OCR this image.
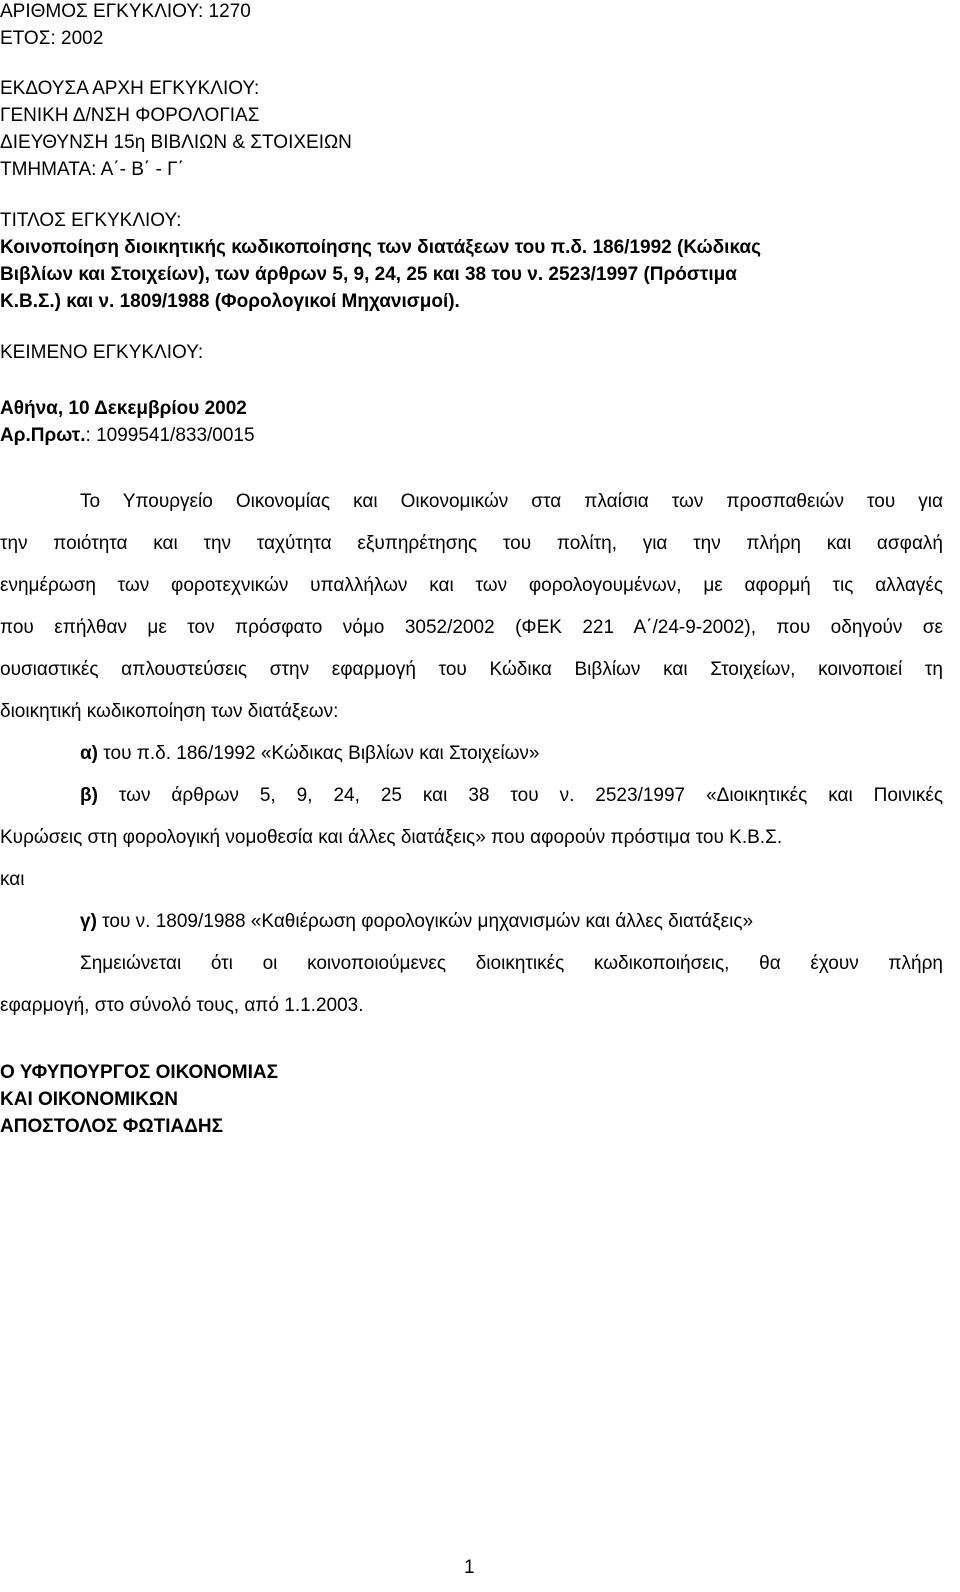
ΑΡΙΘΜΟΣ ΕΓΚΥΚΛΙΟΥ: 1270
ΕΤΟΣ: 2002
ΕΚΔΟΥΣΑ ΑΡΧΗ ΕΓΚΥΚΛΙΟΥ:
ΓΕΝΙΚΗ Δ/ΝΣΗ ΦΟΡΟΛΟΓΙΑΣ
ΔΙΕΥΘΥΝΣΗ 15η ΒΙΒΛΙΩΝ & ΣΤΟΙΧΕΙΩΝ
ΤΜΗΜΑΤΑ: Α΄- Β΄ - Γ΄
ΤΙΤΛΟΣ ΕΓΚΥΚΛΙΟΥ:
Κοινοποίηση διοικητικής κωδικοποίησης των διατάξεων του π.δ. 186/1992 (Κώδικας
Βιβλίων και Στοιχείων), των άρθρων 5, 9, 24, 25 και 38 του ν. 2523/1997 (Πρόστιμα
Κ.Β.Σ.) και ν. 1809/1988 (Φορολογικοί Μηχανισμοί).
ΚΕΙΜΕΝΟ ΕΓΚΥΚΛΙΟΥ:
Αθήνα, 10 Δεκεμβρίου 2002
Αρ.Πρωτ.: 1099541/833/0015
Το Υπουργείο Οικονομίας και Οικονομικών στα πλαίσια των προσπαθειών του για
την ποιότητα και την ταχύτητα εξυπηρέτησης του πολίτη, για την πλήρη και ασφαλή
ενημέρωση των φοροτεχνικών υπαλλήλων και των φορολογουμένων, με αφορμή τις αλλαγές
που επήλθαν με τον πρόσφατο νόμο 3052/2002 (ΦΕΚ 221 Α΄/24-9-2002), που οδηγούν σε
ουσιαστικές απλουστεύσεις στην εφαρμογή του Κώδικα Βιβλίων και Στοιχείων, κοινοποιεί τη
διοικητική κωδικοποίηση των διατάξεων:
α) του π.δ. 186/1992 «Κώδικας Βιβλίων και Στοιχείων»
β) των άρθρων 5, 9, 24, 25 και 38 του ν. 2523/1997 «Διοικητικές και Ποινικές
Κυρώσεις στη φορολογική νομοθεσία και άλλες διατάξεις» που αφορούν πρόστιμα του Κ.Β.Σ.
και
γ) του ν. 1809/1988 «Καθιέρωση φορολογικών μηχανισμών και άλλες διατάξεις»
Σημειώνεται ότι οι κοινοποιούμενες διοικητικές κωδικοποιήσεις, θα έχουν πλήρη
εφαρμογή, στο σύνολό τους, από 1.1.2003.
Ο ΥΦΥΠΟΥΡΓΟΣ ΟΙΚΟΝΟΜΙΑΣ
ΚΑΙ ΟΙΚΟΝΟΜΙΚΩΝ
ΑΠΟΣΤΟΛΟΣ ΦΩΤΙΑΔΗΣ
1
